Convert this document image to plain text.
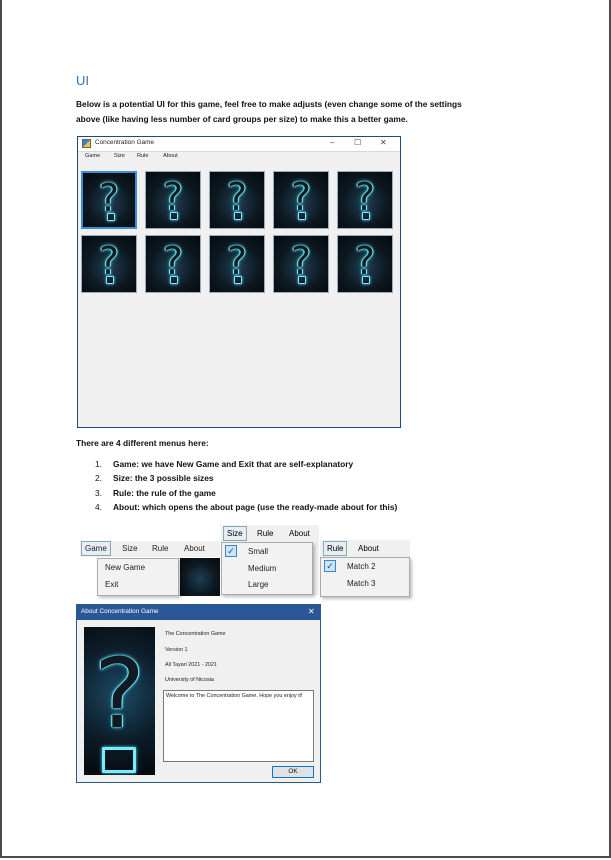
UI
Below is a potential UI for this game, feel free to make adjusts (even change some of the settings
above (like having less number of card groups per size) to make this a better game.
Concentration Game	– ☐ ✕
Game Size Rule	About
?	?	?	?	?
?	?	?	?	?
There are 4 different menus here:
1. Game: we have New Game and Exit that are self-explanatory
2. Size: the 3 possible sizes
3. Rule: the rule of the game
4. About: which opens the about page (use the ready-made about for this)
Game	Size Rule About
New Game
Exit
Size	Rule About
✓ Small
Medium
Large
Rule	About
✓ Match 2
Match 3
About Concentration Game	✕
?
The Concentration Game
Version 1
Ali Tayari 2021 - 2021
University of Nicosia
Welcome to The Concentration Game. Hope you enjoy it!
OK
